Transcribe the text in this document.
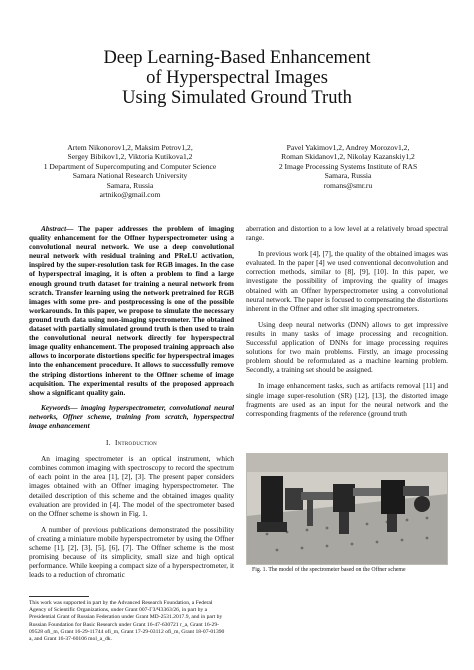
Deep Learning-Based Enhancement
of Hyperspectral Images
Using Simulated Ground Truth
Artem Nikonorov1,2, Maksim Petrov1,2,
Sergey Bibikov1,2, Viktoria Kutikova1,2
1 Department of Supercomputing and Computer Science
Samara National Research University
Samara, Russia
artniko@gmail.com
Pavel Yakimov1,2, Andrey Morozov1,2,
Roman Skidanov1,2, Nikolay Kazanskiy1,2
2 Image Processing Systems Institute of RAS
Samara, Russia
romans@smr.ru

Abstract— The paper addresses the problem of imaging quality enhancement for the Offner hyperspectrometer using a convolutional neural network. We use a deep convolutional neural network with residual training and PReLU activation, inspired by the super-resolution task for RGB images. In the case of hyperspectral imaging, it is often a problem to find a large enough ground truth dataset for training a neural network from scratch. Transfer learning using the network pretrained for RGB images with some pre- and postprocessing is one of the possible workarounds. In this paper, we propose to simulate the necessary ground truth data using non-imaging spectrometer. The obtained dataset with partially simulated ground truth is then used to train the convolutional neural network directly for hyperspectral image quality enhancement. The proposed training approach also allows to incorporate distortions specific for hyperspectral images into the enhancement procedure. It allows to successfully remove the striping distortions inherent to the Offner scheme of image acquisition. The experimental results of the proposed approach show a significant quality gain.

Keywords— imaging hyperspectrometer, convolutional neural networks, Offner scheme, training from scratch, hyperspectral image enhancement

I. Introduction

An imaging spectrometer is an optical instrument, which combines common imaging with spectroscopy to record the spectrum of each point in the area [1], [2], [3]. The present paper considers images obtained with an Offner imaging hyperspectrometer. The detailed description of this scheme and the obtained images quality evaluation are provided in [4]. The model of the spectrometer based on the Offner scheme is shown in Fig. 1.

A number of previous publications demonstrated the possibility of creating a miniature mobile hyperspectrometer by using the Offner scheme [1], [2], [3], [5], [6], [7]. The Offner scheme is the most promising because of its simplicity, small size and high optical performance. While keeping a compact size of a hyperspectrometer, it leads to a reduction of chromatic

This work was supported in part by the Advanced Research Foundation, a Federal Agency of Scientific Organizations, under Grant 007-ГЗ/Ч3363/26, in part by a Presidential Grant of Russian Federation under Grant MD-2531.2017.9, and in part by Russian Foundation for Basic Research under Grant 16-47-630721 r_a, Grant 16-29-09528 ofi_m, Grant 16-29-11744 ofi_m, Grant 17-29-03112 ofi_m, Grant 18-07-01390 a, and Grant 16-37-60106 mol_a_dk.

aberration and distortion to a low level at a relatively broad spectral range.

In previous work [4], [7], the quality of the obtained images was evaluated. In the paper [4] we used conventional deconvolution and correction methods, similar to [8], [9], [10]. In this paper, we investigate the possibility of improving the quality of images obtained with an Offner hyperspectrometer using a convolutional neural network. The paper is focused to compensating the distortions inherent in the Offner and other slit imaging spectrometers.

Using deep neural networks (DNN) allows to get impressive results in many tasks of image processing and recognition. Successful application of DNNs for image processing requires solutions for two main problems. Firstly, an image processing problem should be reformulated as a machine learning problem. Secondly, a training set should be assigned.

In image enhancement tasks, such as artifacts removal [11] and single image super-resolution (SR) [12], [13], the distorted image fragments are used as an input for the neural network and the corresponding fragments of the reference (ground truth

Fig. 1. The model of the spectrometer based on the Offner scheme
